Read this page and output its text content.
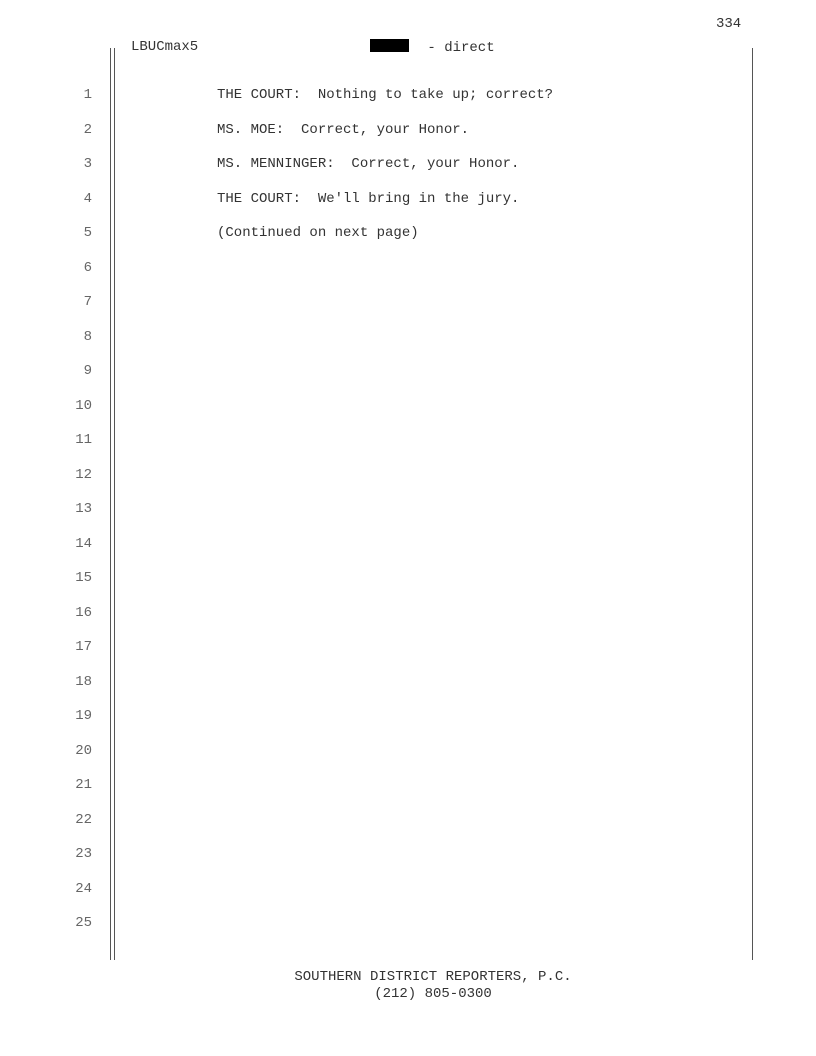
334
LBUCmax5	- direct
1	THE COURT:  Nothing to take up; correct?
2	MS. MOE:  Correct, your Honor.
3	MS. MENNINGER:  Correct, your Honor.
4	THE COURT:  We'll bring in the jury.
5	(Continued on next page)
6
7
8
9
10
11
12
13
14
15
16
17
18
19
20
21
22
23
24
25
SOUTHERN DISTRICT REPORTERS, P.C.
(212) 805-0300
